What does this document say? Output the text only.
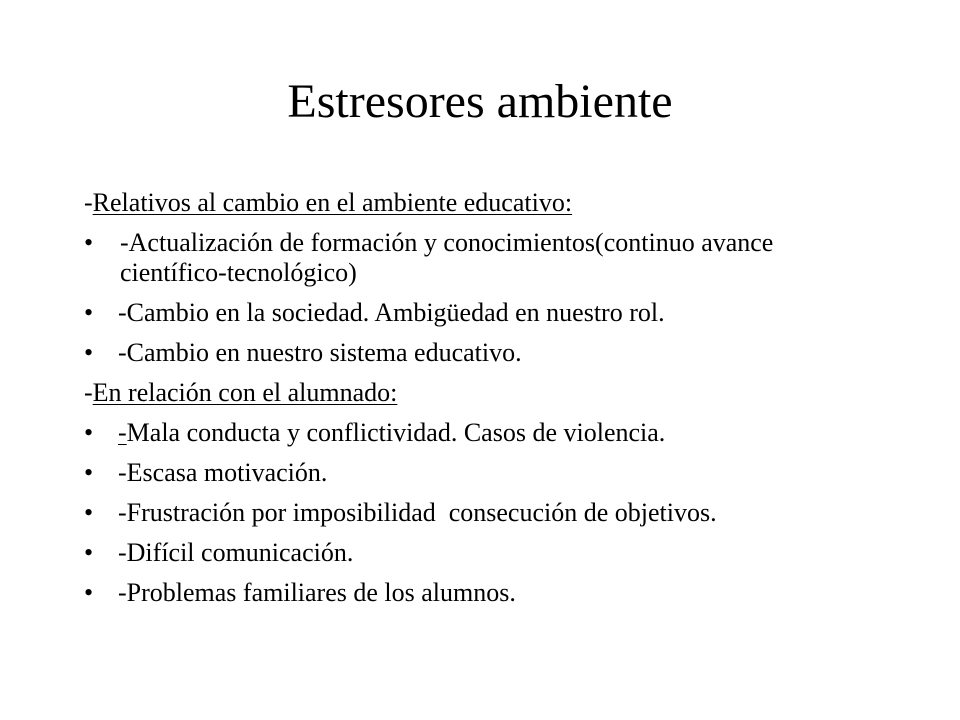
Estresores ambiente
-Relativos al cambio en el ambiente educativo:
• -Actualización de formación y conocimientos(continuo avance científico-tecnológico)
• -Cambio en la sociedad. Ambigüedad en nuestro rol.
• -Cambio en nuestro sistema educativo.
-En relación con el alumnado:
• -Mala conducta y conflictividad. Casos de violencia.
• -Escasa motivación.
• -Frustración por imposibilidad  consecución de objetivos.
• -Difícil comunicación.
• -Problemas familiares de los alumnos.
